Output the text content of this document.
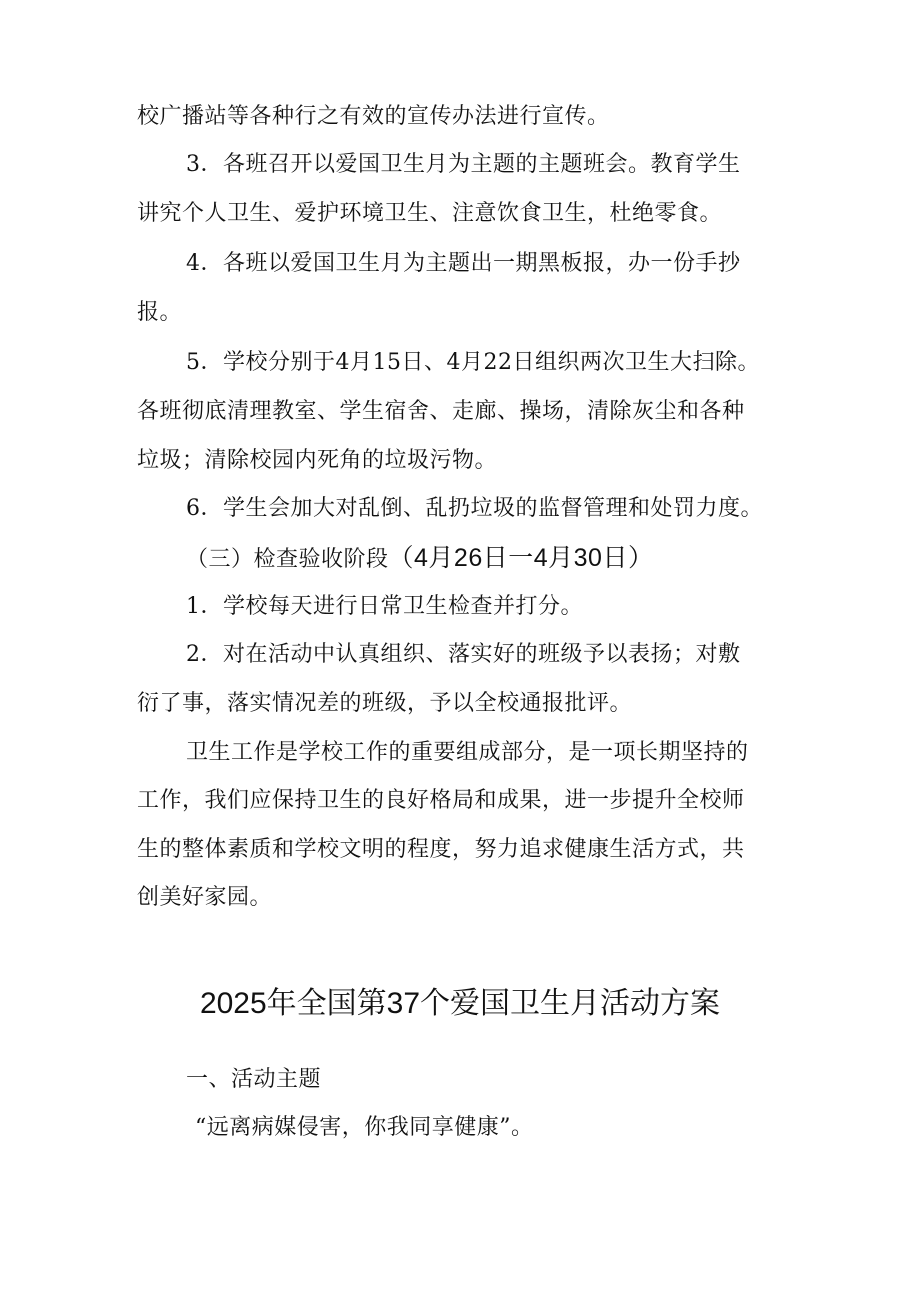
校广播站等各种行之有效的宣传办法进行宣传。
3．各班召开以爱国卫生月为主题的主题班会。教育学生
讲究个人卫生、爱护环境卫生、注意饮食卫生，杜绝零食。
4．各班以爱国卫生月为主题出一期黑板报，办一份手抄
报。
5．学校分别于4月15日、4月22日组织两次卫生大扫除。
各班彻底清理教室、学生宿舍、走廊、操场，清除灰尘和各种
垃圾；清除校园内死角的垃圾污物。
6．学生会加大对乱倒、乱扔垃圾的监督管理和处罚力度。
（三）检查验收阶段（4月26日一4月30日）
1．学校每天进行日常卫生检查并打分。
2．对在活动中认真组织、落实好的班级予以表扬；对敷
衍了事，落实情况差的班级，予以全校通报批评。
卫生工作是学校工作的重要组成部分，是一项长期坚持的
工作，我们应保持卫生的良好格局和成果，进一步提升全校师
生的整体素质和学校文明的程度，努力追求健康生活方式，共
创美好家园。
2025年全国第37个爱国卫生月活动方案
一、活动主题
“远离病媒侵害，你我同享健康”。
